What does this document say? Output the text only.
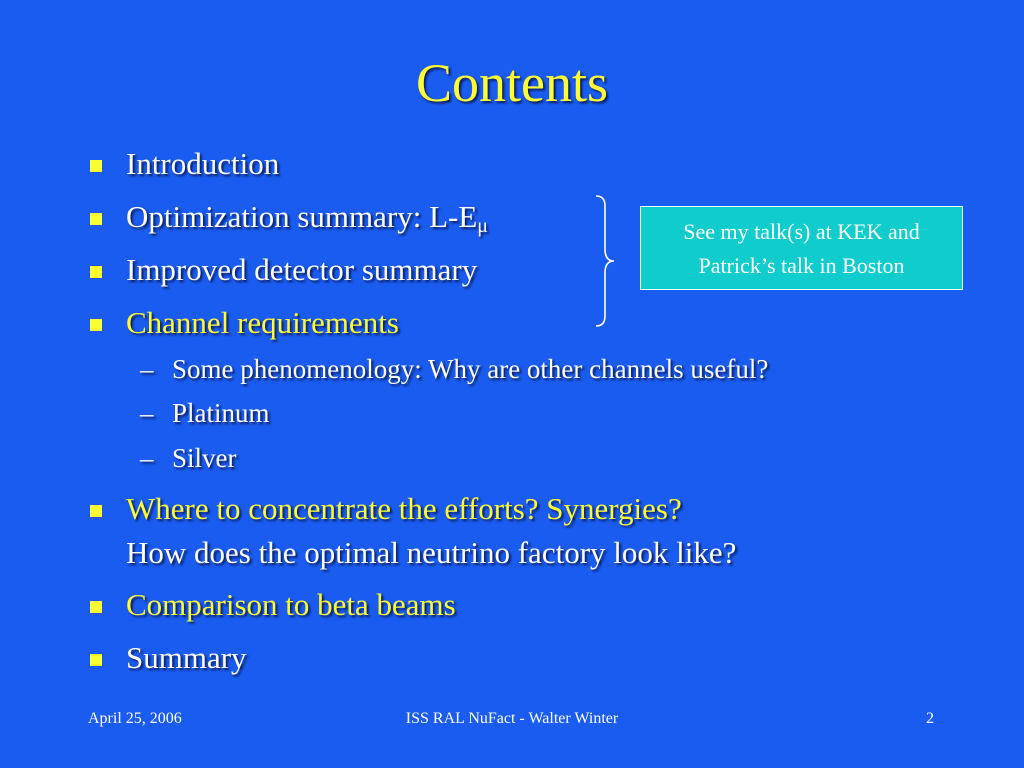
Contents
Introduction
Optimization summary: L-Eμ
Improved detector summary
Channel requirements
– Some phenomenology: Why are other channels useful?
– Platinum
– Silver
Where to concentrate the efforts? Synergies?
How does the optimal neutrino factory look like?
Comparison to beta beams
Summary
See my talk(s) at KEK and
Patrick’s talk in Boston
April 25, 2006	ISS RAL NuFact - Walter Winter	2
